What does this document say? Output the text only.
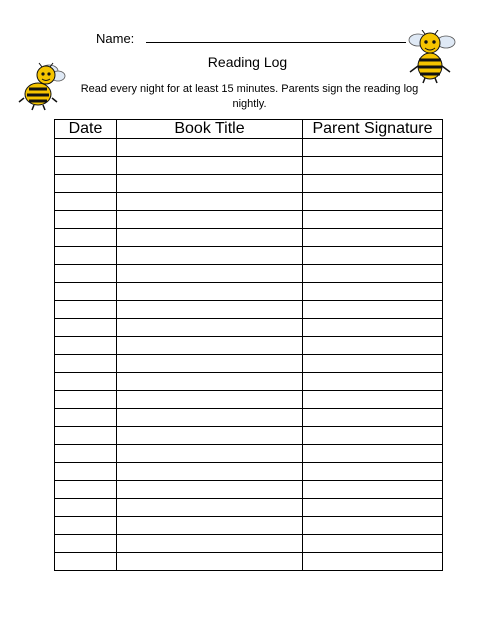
Name:
Reading Log
Read every night for at least 15 minutes. Parents sign the reading log nightly.
Date	Book Title	Parent Signature
